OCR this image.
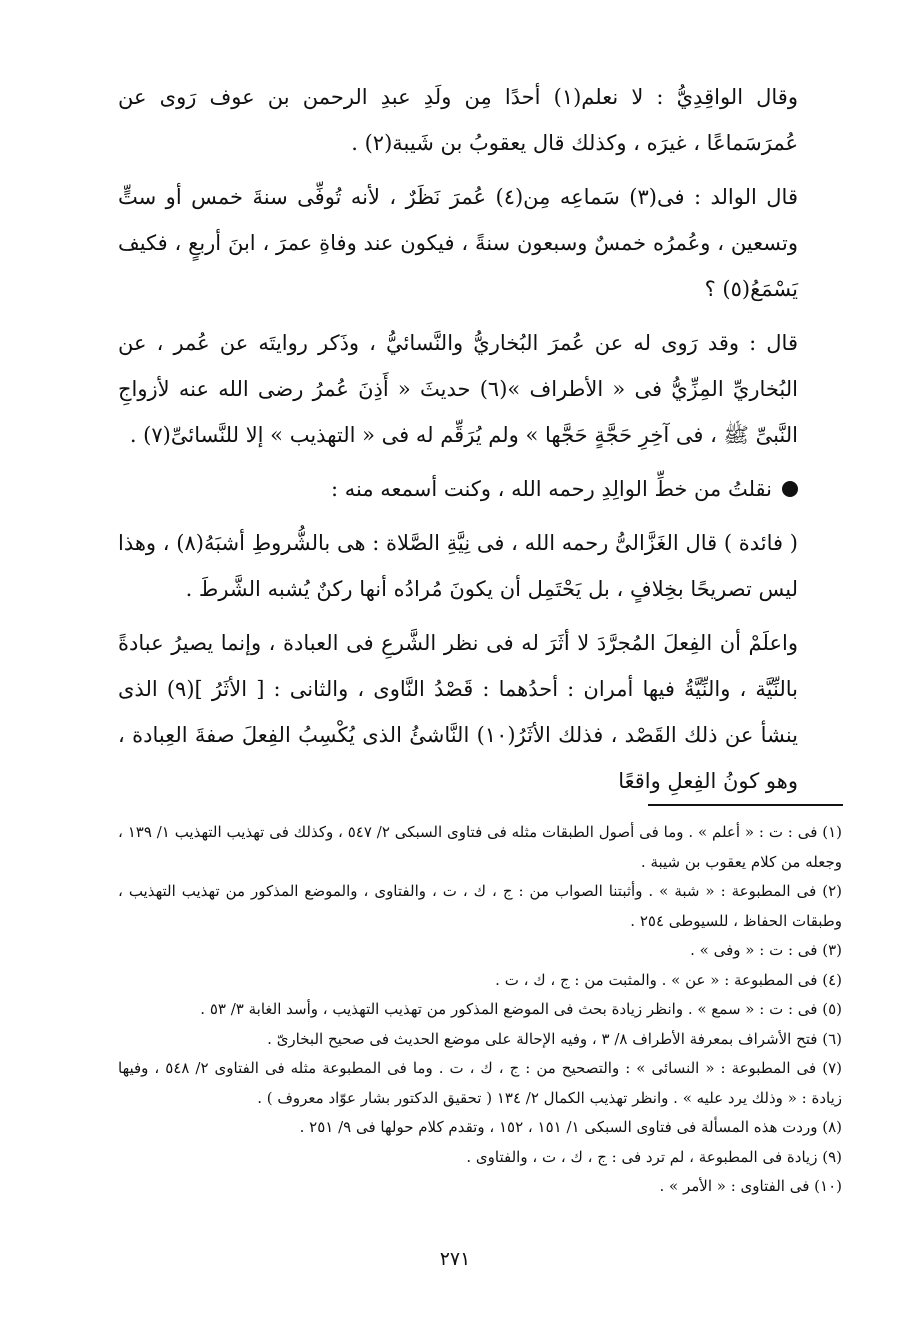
وقال الواقِدِيُّ : لا نعلم(١) أحدًا مِن ولَدِ عبدِ الرحمن بن عوف رَوى عن عُمرَسَماعًا ، غيرَه ، وكذلك قال يعقوبُ بن شَيبة(٢) .

قال الوالد : فى(٣) سَماعِه مِن(٤) عُمرَ نَظَرٌ ، لأنه تُوفِّى سنةَ خمس أو ستٍّ وتسعين ، وعُمرُه خمسٌ وسبعون سنةً ، فيكون عند وفاةِ عمرَ ، ابنَ أربعٍ ، فكيف يَسْمَعُ(٥) ؟

قال : وقد رَوى له عن عُمرَ البُخاريُّ والنَّسائيُّ ، وذَكر روايتَه عن عُمر ، عن البُخاريِّ المِزِّيُّ فى « الأطراف »(٦) حديثَ « أَذِنَ عُمرُ رضى الله عنه لأزواجِ النَّبىِّ ﷺ ، فى آخِرِ حَجَّةٍ حَجَّها » ولم يُرَقِّم له فى « التهذيب » إلا للنَّسائىِّ(٧) .

نقلتُ من خطِّ الوالِدِ رحمه الله ، وكنت أسمعه منه :

( فائدة ) قال الغَزَّالىُّ رحمه الله ، فى نِيَّةِ الصَّلاة : هى بالشُّروطِ أشبَهُ(٨) ، وهذا ليس تصريحًا بخِلافٍ ، بل يَحْتَمِل أن يكونَ مُرادُه أنها ركنٌ يُشبه الشَّرطَ .

واعلَمْ أن الفِعلَ المُجرَّدَ لا أثَرَ له فى نظر الشَّرعِ فى العبادة ، وإنما يصيرُ عبادةً بالنِّيَّة ، والنِّيَّةُ فيها أمران : أحدُهما : قَصْدُ النَّاوى ، والثانى : [ الأثَرُ ](٩) الذى ينشأ عن ذلك القَصْد ، فذلك الأثَرُ(١٠) النَّاشئُ الذى يُكْسِبُ الفِعلَ صفةَ العِبادة ، وهو كونُ الفِعلِ واقعًا

(١) فى : ت : « أعلم » . وما فى أصول الطبقات مثله فى فتاوى السبكى ٢/ ٥٤٧ ، وكذلك فى تهذيب التهذيب ١/ ١٣٩ ، وجعله من كلام يعقوب بن شيبة .

(٢) فى المطبوعة : « شبة » . وأثبتنا الصواب من : ج ، ك ، ت ، والفتاوى ، والموضع المذكور من تهذيب التهذيب ، وطبقات الحفاظ ، للسيوطى ٢٥٤ .

(٣) فى : ت : « وفى » .

(٤) فى المطبوعة : « عن » . والمثبت من : ج ، ك ، ت .

(٥) فى : ت : « سمع » . وانظر زيادة بحث فى الموضع المذكور من تهذيب التهذيب ، وأسد الغابة ٣/ ٥٣ .

(٦) فتح الأشراف بمعرفة الأطراف ٨/ ٣ ، وفيه الإحالة على موضع الحديث فى صحيح البخارىّ .

(٧) فى المطبوعة : « النسائى » : والتصحيح من : ج ، ك ، ت . وما فى المطبوعة مثله فى الفتاوى ٢/ ٥٤٨ ، وفيها زيادة : « وذلك يرد عليه » . وانظر تهذيب الكمال ٢/ ١٣٤ ( تحقيق الدكتور بشار عوّاد معروف ) .

(٨) وردت هذه المسألة فى فتاوى السبكى ١/ ١٥١ ، ١٥٢ ، وتقدم كلام حولها فى ٩/ ٢٥١ .

(٩) زيادة فى المطبوعة ، لم ترد فى : ج ، ك ، ت ، والفتاوى .

(١٠) فى الفتاوى : « الأمر » .

٢٧١
